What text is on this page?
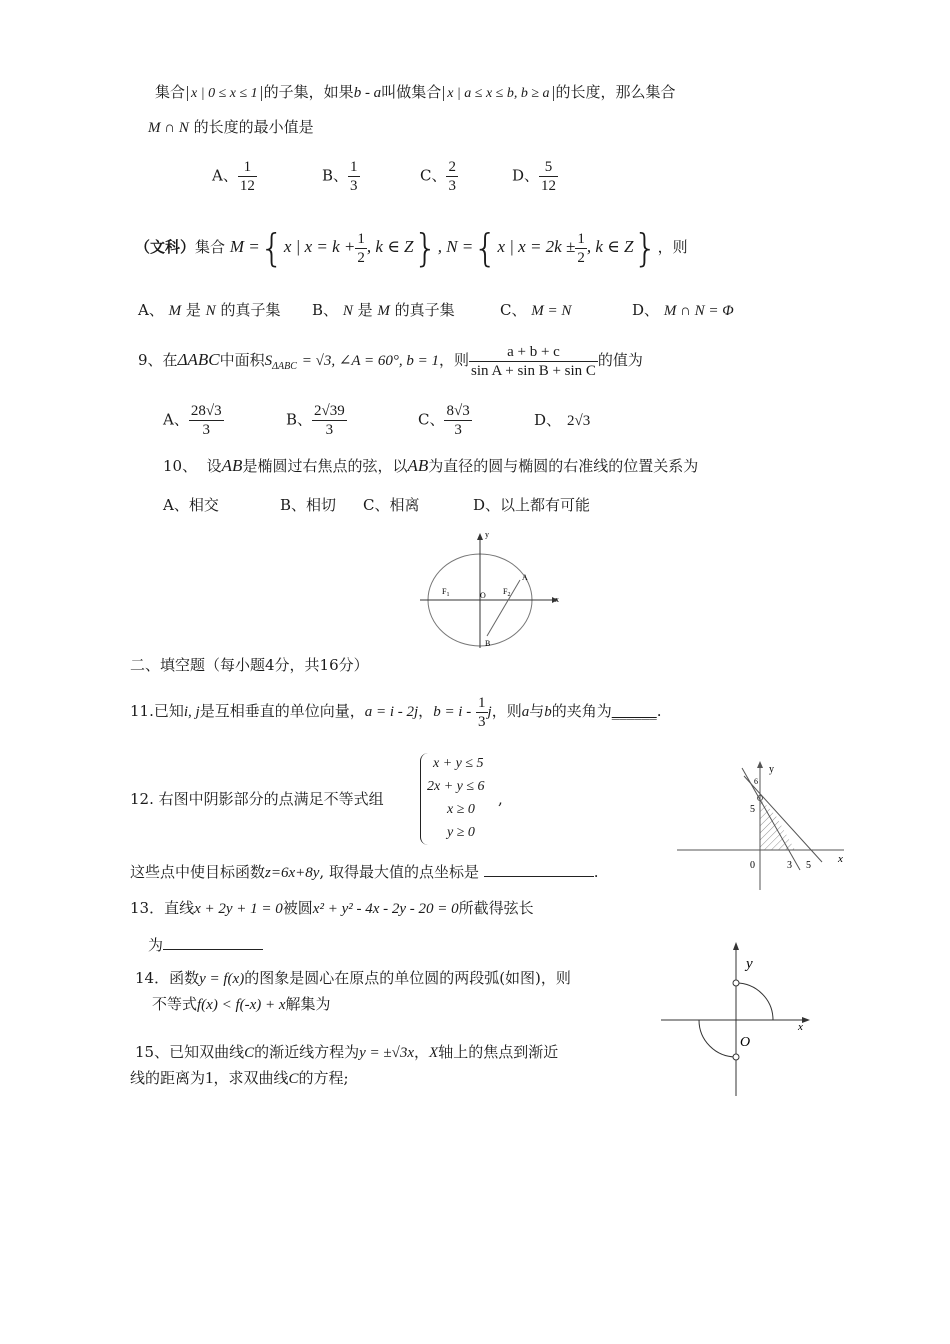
集合 x | 0 ≤ x ≤ 1 的子集，如果b - a叫做集合 x | a ≤ x ≤ b, b ≥ a 的长度，那么集合
M ∩ N 的长度的最小值是
A、 $\frac{1}{12}$	B、 $\frac{1}{3}$	C、 $\frac{2}{3}$	D、 $\frac{5}{12}$
（文科）集合 M ={x | $x = k + \frac{1}{2}$ , k ∈ Z}, N ={x | $x = 2k \pm \frac{1}{2}$ , k ∈ Z}，则
A、 M 是 N 的真子集 B、 N 是 M 的真子集	C、 M = N	D、 M ∩ N = Φ
9、在ΔABC中面积$S_{\Delta ABC} = √3$, ∠A = 60°, b = 1，则 $\frac{a + b + c}{\text{sin A + sin B + sin C}}$ 的值为
A、 $\frac{28√3}{3}$	B、 $\frac{2√39}{3}$	C、 $\frac{8√3}{3}$	D、 2√3
10、 设AB是椭圆过右焦点的弦，以AB为直径的圆与椭圆的右准线的位置关系为
A、相交	B、相切 C、相离	D、以上都有可能
y
x
O
$F_1$	$F_2$
A
B
二、填空题（每小题4分，共16分）
11.已知i, j是互相垂直的单位向量，a = i - 2j，$b = i - \frac{1}{3}$ j，则a与b的夹角为______.
12. 右图中阴影部分的点满足不等式组
x + y ≤ 5
2x + y ≤ 6
x ≥ 0
y ≥ 0
,
这些点中使目标函数z=6x+8y, 取得最大值的点坐标是	.
y
x
0
5
6
3 5
13．直线x + 2y + 1 = 0被圆x² + y² - 4x - 2y - 20 = 0所截得弦长
为
14．函数y = f(x)的图象是圆心在原点的单位圆的两段弧(如图)，则
不等式f(x) < f(-x) + x解集为
y
x
O
15、已知双曲线C的渐近线方程为y = ±√3x，X轴上的焦点到渐近
线的距离为1，求双曲线C的方程;
